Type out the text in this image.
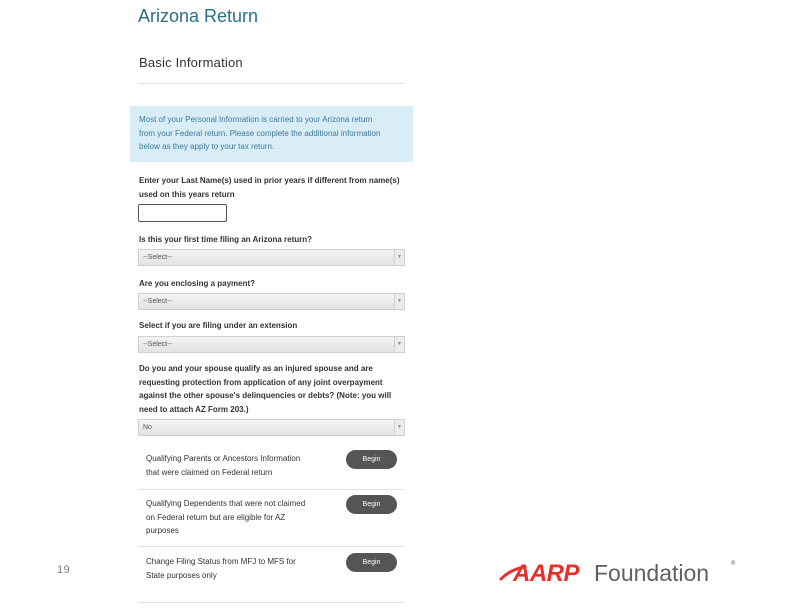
Arizona Return
Basic Information
Most of your Personal Information is carried to your Arizona return
from your Federal return. Please complete the additional information
below as they apply to your tax return.
Enter your Last Name(s) used in prior years if different from name(s)
used on this years return
.
Is this your first time filing an Arizona return?
--Select--	▼
Are you enclosing a payment?
--Select--	▼
Select if you are filing under an extension
--Select--	▼
Do you and your spouse qualify as an injured spouse and are
requesting protection from application of any joint overpayment
against the other spouse's delinquencies or debts? (Note: you will
need to attach AZ Form 203.)
No	▼
Qualifying Parents or Ancestors Information
that were claimed on Federal return
Begin
Qualifying Dependents that were not claimed
on Federal return but are eligible for AZ
purposes
Begin
Change Filing Status from MFJ to MFS for
State purposes only
Begin
19	AARP Foundation	®
